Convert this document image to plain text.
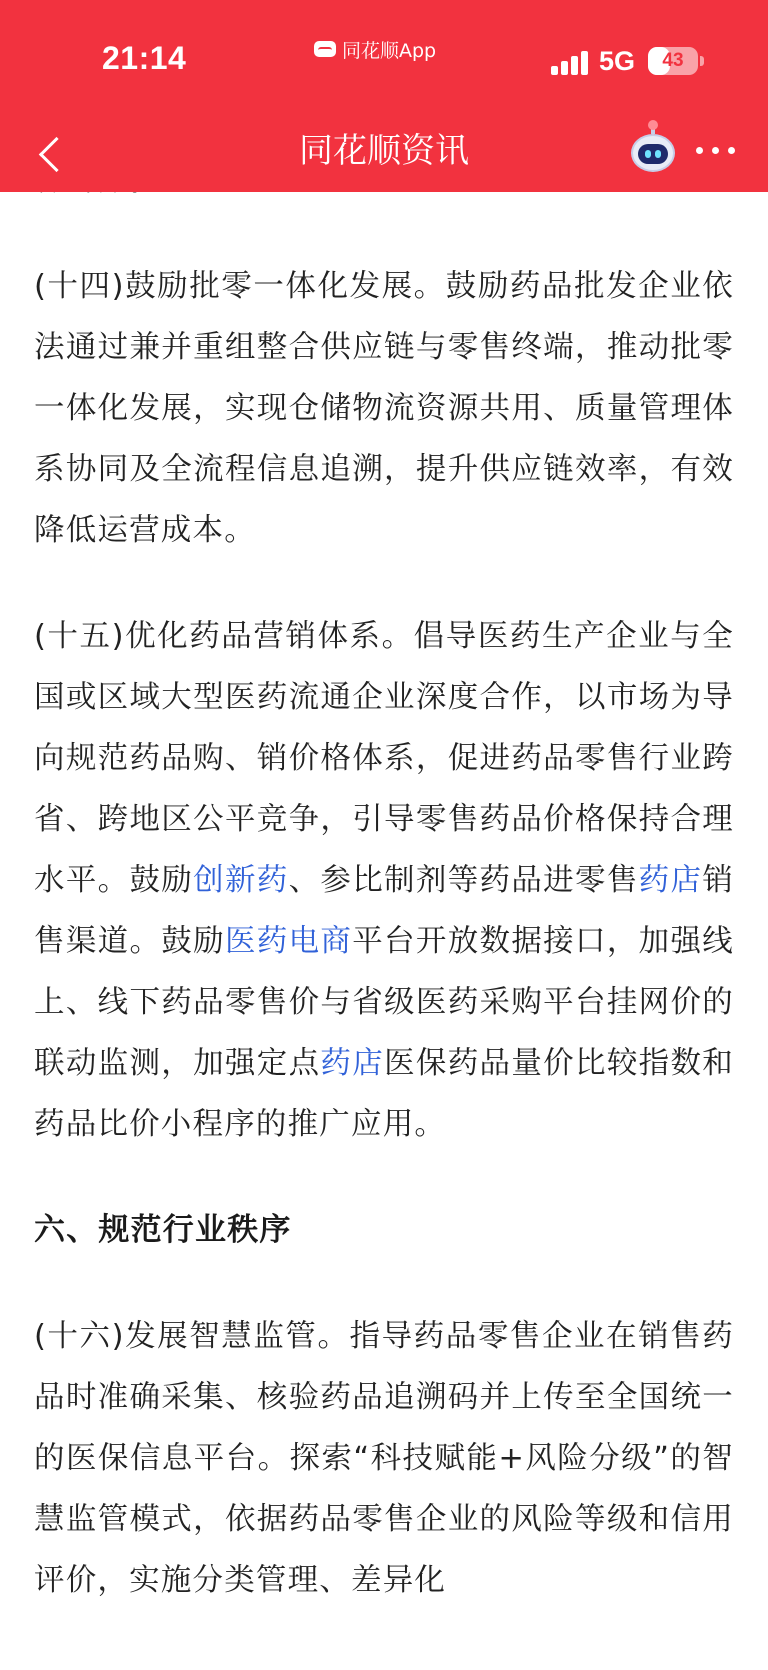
21:14	同花顺App	5G	43
同花顺资讯

(十四)鼓励批零一体化发展。鼓励药品批发企业依法通过兼并重组整合供应链与零售终端，推动批零一体化发展，实现仓储物流资源共用、质量管理体系协同及全流程信息追溯，提升供应链效率，有效降低运营成本。

(十五)优化药品营销体系。倡导医药生产企业与全国或区域大型医药流通企业深度合作，以市场为导向规范药品购、销价格体系，促进药品零售行业跨省、跨地区公平竞争，引导零售药品价格保持合理水平。鼓励创新药、参比制剂等药品进零售药店销售渠道。鼓励医药电商平台开放数据接口，加强线上、线下药品零售价与省级医药采购平台挂网价的联动监测，加强定点药店医保药品量价比较指数和药品比价小程序的推广应用。

六、规范行业秩序

(十六)发展智慧监管。指导药品零售企业在销售药品时准确采集、核验药品追溯码并上传至全国统一的医保信息平台。探索“科技赋能+风险分级”的智慧监管模式，依据药品零售企业的风险等级和信用评价，实施分类管理、差异化
